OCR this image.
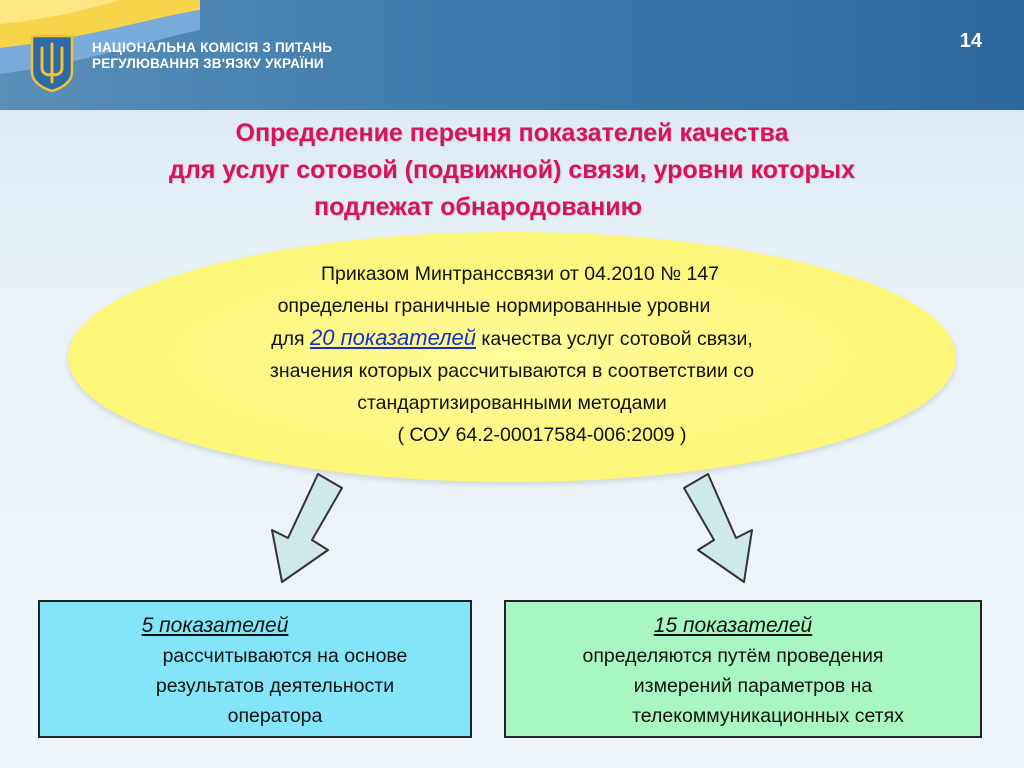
НАЦІОНАЛЬНА КОМІСІЯ З ПИТАНЬ
РЕГУЛЮВАННЯ ЗВ'ЯЗКУ УКРАЇНИ
14
Определение перечня показателей качества
для услуг сотовой (подвижной) связи, уровни которых
подлежат обнародованию
Приказом Минтранссвязи от 04.2010 № 147
определены граничные нормированные уровни
для 20 показателей качества услуг сотовой связи,
значения которых рассчитываются в соответствии со
стандартизированными методами
( СОУ 64.2-00017584-006:2009 )
5 показателей
рассчитываются на основе
результатов деятельности
оператора
15 показателей
определяются путём проведения
измерений параметров на
телекоммуникационных сетях
